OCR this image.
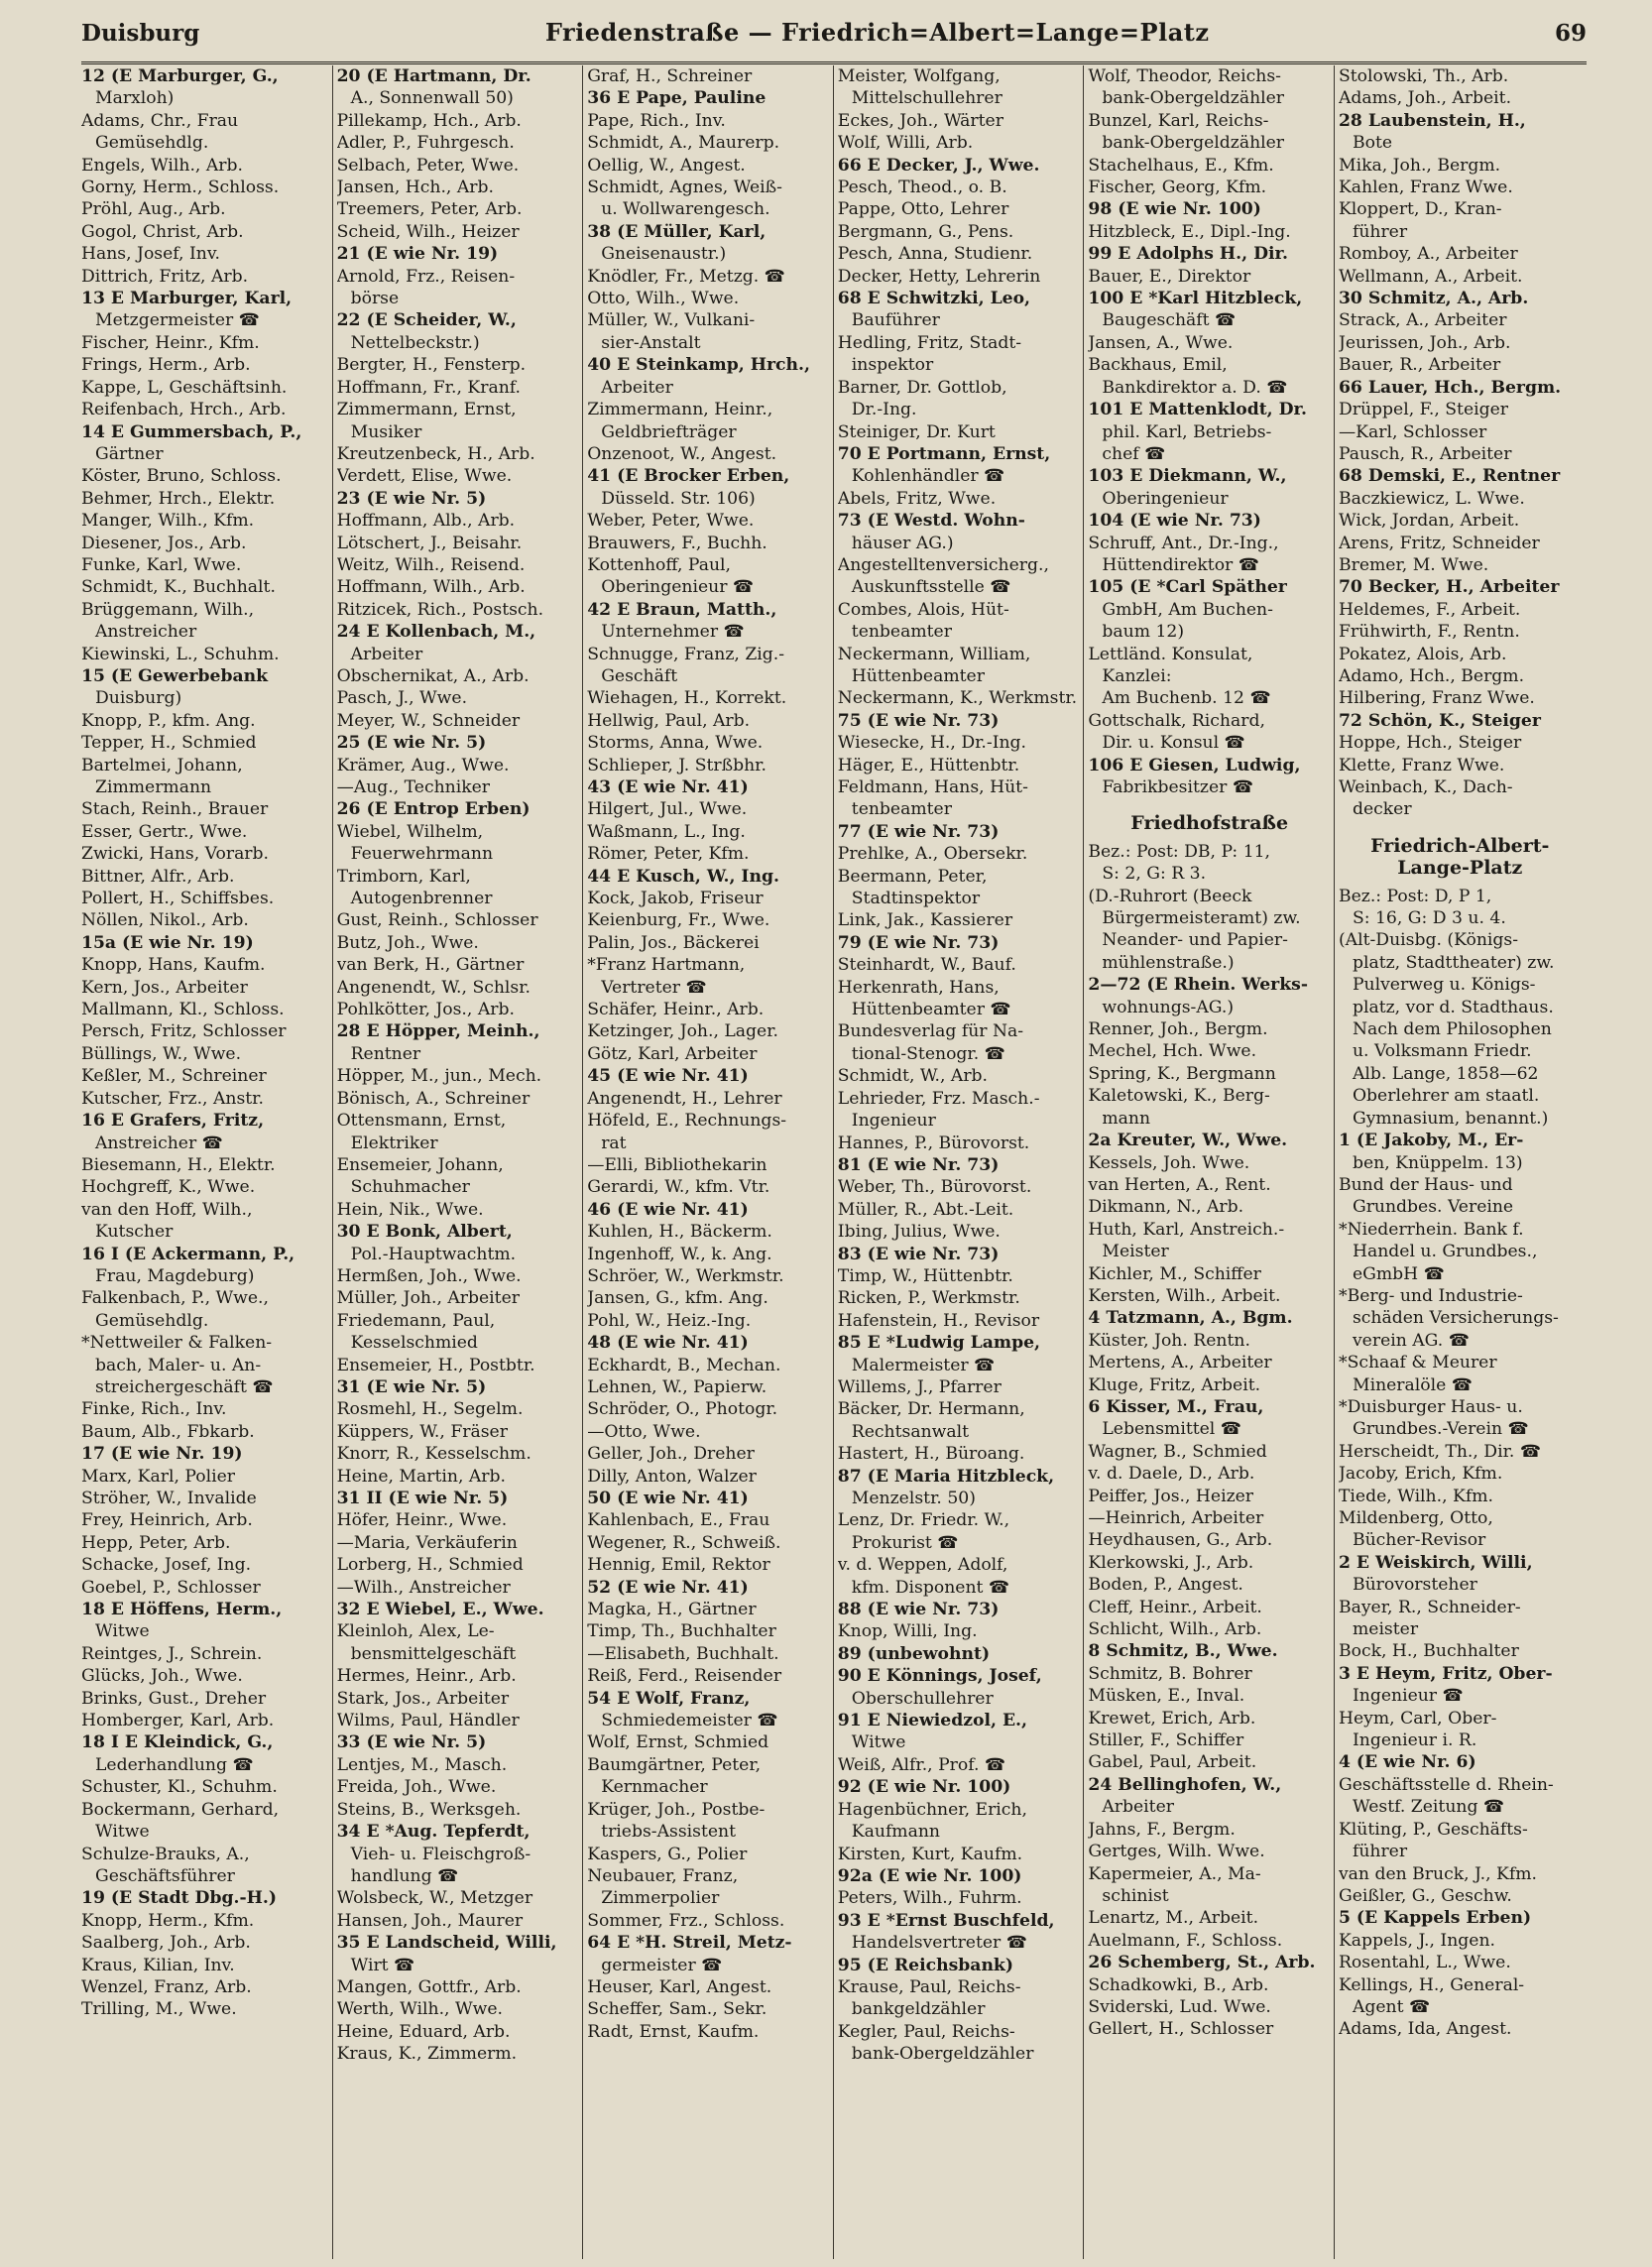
Duisburg	Friedenstraße — Friedrich=Albert=Lange=Platz	69
12 (E Marburger, G.,
Marxloh)
Adams, Chr., Frau
Gemüsehdlg.
Engels, Wilh., Arb.
Gorny, Herm., Schloss.
Pröhl, Aug., Arb.
Gogol, Christ, Arb.
Hans, Josef, Inv.
Dittrich, Fritz, Arb.
13 E Marburger, Karl,
Metzgermeister ☎
Fischer, Heinr., Kfm.
Frings, Herm., Arb.
Kappe, L, Geschäftsinh.
Reifenbach, Hrch., Arb.
14 E Gummersbach, P.,
Gärtner
Köster, Bruno, Schloss.
Behmer, Hrch., Elektr.
Manger, Wilh., Kfm.
Diesener, Jos., Arb.
Funke, Karl, Wwe.
Schmidt, K., Buchhalt.
Brüggemann, Wilh.,
Anstreicher
Kiewinski, L., Schuhm.
15 (E Gewerbebank
Duisburg)
Knopp, P., kfm. Ang.
Tepper, H., Schmied
Bartelmei, Johann,
Zimmermann
Stach, Reinh., Brauer
Esser, Gertr., Wwe.
Zwicki, Hans, Vorarb.
Bittner, Alfr., Arb.
Pollert, H., Schiffsbes.
Nöllen, Nikol., Arb.
15a (E wie Nr. 19)
Knopp, Hans, Kaufm.
Kern, Jos., Arbeiter
Mallmann, Kl., Schloss.
Persch, Fritz, Schlosser
Büllings, W., Wwe.
Keßler, M., Schreiner
Kutscher, Frz., Anstr.
16 E Grafers, Fritz,
Anstreicher ☎
Biesemann, H., Elektr.
Hochgreff, K., Wwe.
van den Hoff, Wilh.,
Kutscher
16 I (E Ackermann, P.,
Frau, Magdeburg)
Falkenbach, P., Wwe.,
Gemüsehdlg.
*Nettweiler & Falken-
bach, Maler- u. An-
streichergeschäft ☎
Finke, Rich., Inv.
Baum, Alb., Fbkarb.
17 (E wie Nr. 19)
Marx, Karl, Polier
Ströher, W., Invalide
Frey, Heinrich, Arb.
Hepp, Peter, Arb.
Schacke, Josef, Ing.
Goebel, P., Schlosser
18 E Höffens, Herm.,
Witwe
Reintges, J., Schrein.
Glücks, Joh., Wwe.
Brinks, Gust., Dreher
Homberger, Karl, Arb.
18 I E Kleindick, G.,
Lederhandlung ☎
Schuster, Kl., Schuhm.
Bockermann, Gerhard,
Witwe
Schulze-Brauks, A.,
Geschäftsführer
19 (E Stadt Dbg.-H.)
Knopp, Herm., Kfm.
Saalberg, Joh., Arb.
Kraus, Kilian, Inv.
Wenzel, Franz, Arb.
Trilling, M., Wwe.
20 (E Hartmann, Dr.
A., Sonnenwall 50)
Pillekamp, Hch., Arb.
Adler, P., Fuhrgesch.
Selbach, Peter, Wwe.
Jansen, Hch., Arb.
Treemers, Peter, Arb.
Scheid, Wilh., Heizer
21 (E wie Nr. 19)
Arnold, Frz., Reisen-
börse
22 (E Scheider, W.,
Nettelbeckstr.)
Bergter, H., Fensterp.
Hoffmann, Fr., Kranf.
Zimmermann, Ernst,
Musiker
Kreutzenbeck, H., Arb.
Verdett, Elise, Wwe.
23 (E wie Nr. 5)
Hoffmann, Alb., Arb.
Lötschert, J., Beisahr.
Weitz, Wilh., Reisend.
Hoffmann, Wilh., Arb.
Ritzicek, Rich., Postsch.
24 E Kollenbach, M.,
Arbeiter
Obschernikat, A., Arb.
Pasch, J., Wwe.
Meyer, W., Schneider
25 (E wie Nr. 5)
Krämer, Aug., Wwe.
—Aug., Techniker
26 (E Entrop Erben)
Wiebel, Wilhelm,
Feuerwehrmann
Trimborn, Karl,
Autogenbrenner
Gust, Reinh., Schlosser
Butz, Joh., Wwe.
van Berk, H., Gärtner
Angenendt, W., Schlsr.
Pohlkötter, Jos., Arb.
28 E Höpper, Meinh.,
Rentner
Höpper, M., jun., Mech.
Bönisch, A., Schreiner
Ottensmann, Ernst,
Elektriker
Ensemeier, Johann,
Schuhmacher
Hein, Nik., Wwe.
30 E Bonk, Albert,
Pol.-Hauptwachtm.
Hermßen, Joh., Wwe.
Müller, Joh., Arbeiter
Friedemann, Paul,
Kesselschmied
Ensemeier, H., Postbtr.
31 (E wie Nr. 5)
Rosmehl, H., Segelm.
Küppers, W., Fräser
Knorr, R., Kesselschm.
Heine, Martin, Arb.
31 II (E wie Nr. 5)
Höfer, Heinr., Wwe.
—Maria, Verkäuferin
Lorberg, H., Schmied
—Wilh., Anstreicher
32 E Wiebel, E., Wwe.
Kleinloh, Alex, Le-
bensmittelgeschäft
Hermes, Heinr., Arb.
Stark, Jos., Arbeiter
Wilms, Paul, Händler
33 (E wie Nr. 5)
Lentjes, M., Masch.
Freida, Joh., Wwe.
Steins, B., Werksgeh.
34 E *Aug. Tepferdt,
Vieh- u. Fleischgroß-
handlung ☎
Wolsbeck, W., Metzger
Hansen, Joh., Maurer
35 E Landscheid, Willi,
Wirt ☎
Mangen, Gottfr., Arb.
Werth, Wilh., Wwe.
Heine, Eduard, Arb.
Kraus, K., Zimmerm.
Graf, H., Schreiner
36 E Pape, Pauline
Pape, Rich., Inv.
Schmidt, A., Maurerp.
Oellig, W., Angest.
Schmidt, Agnes, Weiß-
u. Wollwarengesch.
38 (E Müller, Karl,
Gneisenaustr.)
Knödler, Fr., Metzg. ☎
Otto, Wilh., Wwe.
Müller, W., Vulkani-
sier-Anstalt
40 E Steinkamp, Hrch.,
Arbeiter
Zimmermann, Heinr.,
Geldbriefträger
Onzenoot, W., Angest.
41 (E Brocker Erben,
Düsseld. Str. 106)
Weber, Peter, Wwe.
Brauwers, F., Buchh.
Kottenhoff, Paul,
Oberingenieur ☎
42 E Braun, Matth.,
Unternehmer ☎
Schnugge, Franz, Zig.-
Geschäft
Wiehagen, H., Korrekt.
Hellwig, Paul, Arb.
Storms, Anna, Wwe.
Schlieper, J. Strßbhr.
43 (E wie Nr. 41)
Hilgert, Jul., Wwe.
Waßmann, L., Ing.
Römer, Peter, Kfm.
44 E Kusch, W., Ing.
Kock, Jakob, Friseur
Keienburg, Fr., Wwe.
Palin, Jos., Bäckerei
*Franz Hartmann,
Vertreter ☎
Schäfer, Heinr., Arb.
Ketzinger, Joh., Lager.
Götz, Karl, Arbeiter
45 (E wie Nr. 41)
Angenendt, H., Lehrer
Höfeld, E., Rechnungs-
rat
—Elli, Bibliothekarin
Gerardi, W., kfm. Vtr.
46 (E wie Nr. 41)
Kuhlen, H., Bäckerm.
Ingenhoff, W., k. Ang.
Schröer, W., Werkmstr.
Jansen, G., kfm. Ang.
Pohl, W., Heiz.-Ing.
48 (E wie Nr. 41)
Eckhardt, B., Mechan.
Lehnen, W., Papierw.
Schröder, O., Photogr.
—Otto, Wwe.
Geller, Joh., Dreher
Dilly, Anton, Walzer
50 (E wie Nr. 41)
Kahlenbach, E., Frau
Wegener, R., Schweiß.
Hennig, Emil, Rektor
52 (E wie Nr. 41)
Magka, H., Gärtner
Timp, Th., Buchhalter
—Elisabeth, Buchhalt.
Reiß, Ferd., Reisender
54 E Wolf, Franz,
Schmiedemeister ☎
Wolf, Ernst, Schmied
Baumgärtner, Peter,
Kernmacher
Krüger, Joh., Postbe-
triebs-Assistent
Kaspers, G., Polier
Neubauer, Franz,
Zimmerpolier
Sommer, Frz., Schloss.
64 E *H. Streil, Metz-
germeister ☎
Heuser, Karl, Angest.
Scheffer, Sam., Sekr.
Radt, Ernst, Kaufm.
Meister, Wolfgang,
Mittelschullehrer
Eckes, Joh., Wärter
Wolf, Willi, Arb.
66 E Decker, J., Wwe.
Pesch, Theod., o. B.
Pappe, Otto, Lehrer
Bergmann, G., Pens.
Pesch, Anna, Studienr.
Decker, Hetty, Lehrerin
68 E Schwitzki, Leo,
Bauführer
Hedling, Fritz, Stadt-
inspektor
Barner, Dr. Gottlob,
Dr.-Ing.
Steiniger, Dr. Kurt
70 E Portmann, Ernst,
Kohlenhändler ☎
Abels, Fritz, Wwe.
73 (E Westd. Wohn-
häuser AG.)
Angestelltenversicherg.,
Auskunftsstelle ☎
Combes, Alois, Hüt-
tenbeamter
Neckermann, William,
Hüttenbeamter
Neckermann, K., Werkmstr.
75 (E wie Nr. 73)
Wiesecke, H., Dr.-Ing.
Häger, E., Hüttenbtr.
Feldmann, Hans, Hüt-
tenbeamter
77 (E wie Nr. 73)
Prehlke, A., Obersekr.
Beermann, Peter,
Stadtinspektor
Link, Jak., Kassierer
79 (E wie Nr. 73)
Steinhardt, W., Bauf.
Herkenrath, Hans,
Hüttenbeamter ☎
Bundesverlag für Na-
tional-Stenogr. ☎
Schmidt, W., Arb.
Lehrieder, Frz. Masch.-
Ingenieur
Hannes, P., Bürovorst.
81 (E wie Nr. 73)
Weber, Th., Bürovorst.
Müller, R., Abt.-Leit.
Ibing, Julius, Wwe.
83 (E wie Nr. 73)
Timp, W., Hüttenbtr.
Ricken, P., Werkmstr.
Hafenstein, H., Revisor
85 E *Ludwig Lampe,
Malermeister ☎
Willems, J., Pfarrer
Bäcker, Dr. Hermann,
Rechtsanwalt
Hastert, H., Büroang.
87 (E Maria Hitzbleck,
Menzelstr. 50)
Lenz, Dr. Friedr. W.,
Prokurist ☎
v. d. Weppen, Adolf,
kfm. Disponent ☎
88 (E wie Nr. 73)
Knop, Willi, Ing.
89 (unbewohnt)
90 E Könnings, Josef,
Oberschullehrer
91 E Niewiedzol, E.,
Witwe
Weiß, Alfr., Prof. ☎
92 (E wie Nr. 100)
Hagenbüchner, Erich,
Kaufmann
Kirsten, Kurt, Kaufm.
92a (E wie Nr. 100)
Peters, Wilh., Fuhrm.
93 E *Ernst Buschfeld,
Handelsvertreter ☎
95 (E Reichsbank)
Krause, Paul, Reichs-
bankgeldzähler
Kegler, Paul, Reichs-
bank-Obergeldzähler
Wolf, Theodor, Reichs-
bank-Obergeldzähler
Bunzel, Karl, Reichs-
bank-Obergeldzähler
Stachelhaus, E., Kfm.
Fischer, Georg, Kfm.
98 (E wie Nr. 100)
Hitzbleck, E., Dipl.-Ing.
99 E Adolphs H., Dir.
Bauer, E., Direktor
100 E *Karl Hitzbleck,
Baugeschäft ☎
Jansen, A., Wwe.
Backhaus, Emil,
Bankdirektor a. D. ☎
101 E Mattenklodt, Dr.
phil. Karl, Betriebs-
chef ☎
103 E Diekmann, W.,
Oberingenieur
104 (E wie Nr. 73)
Schruff, Ant., Dr.-Ing.,
Hüttendirektor ☎
105 (E *Carl Späther
GmbH, Am Buchen-
baum 12)
Lettländ. Konsulat,
Kanzlei:
Am Buchenb. 12 ☎
Gottschalk, Richard,
Dir. u. Konsul ☎
106 E Giesen, Ludwig,
Fabrikbesitzer ☎
Friedhofstraße
Bez.: Post: DB, P: 11,
S: 2, G: R 3.
(D.-Ruhrort (Beeck
Bürgermeisteramt) zw.
Neander- und Papier-
mühlenstraße.)
2—72 (E Rhein. Werks-
wohnungs-AG.)
Renner, Joh., Bergm.
Mechel, Hch. Wwe.
Spring, K., Bergmann
Kaletowski, K., Berg-
mann
2a Kreuter, W., Wwe.
Kessels, Joh. Wwe.
van Herten, A., Rent.
Dikmann, N., Arb.
Huth, Karl, Anstreich.-
Meister
Kichler, M., Schiffer
Kersten, Wilh., Arbeit.
4 Tatzmann, A., Bgm.
Küster, Joh. Rentn.
Mertens, A., Arbeiter
Kluge, Fritz, Arbeit.
6 Kisser, M., Frau,
Lebensmittel ☎
Wagner, B., Schmied
v. d. Daele, D., Arb.
Peiffer, Jos., Heizer
—Heinrich, Arbeiter
Heydhausen, G., Arb.
Klerkowski, J., Arb.
Boden, P., Angest.
Cleff, Heinr., Arbeit.
Schlicht, Wilh., Arb.
8 Schmitz, B., Wwe.
Schmitz, B. Bohrer
Müsken, E., Inval.
Krewet, Erich, Arb.
Stiller, F., Schiffer
Gabel, Paul, Arbeit.
24 Bellinghofen, W.,
Arbeiter
Jahns, F., Bergm.
Gertges, Wilh. Wwe.
Kapermeier, A., Ma-
schinist
Lenartz, M., Arbeit.
Auelmann, F., Schloss.
26 Schemberg, St., Arb.
Schadkowki, B., Arb.
Sviderski, Lud. Wwe.
Gellert, H., Schlosser
Stolowski, Th., Arb.
Adams, Joh., Arbeit.
28 Laubenstein, H.,
Bote
Mika, Joh., Bergm.
Kahlen, Franz Wwe.
Kloppert, D., Kran-
führer
Romboy, A., Arbeiter
Wellmann, A., Arbeit.
30 Schmitz, A., Arb.
Strack, A., Arbeiter
Jeurissen, Joh., Arb.
Bauer, R., Arbeiter
66 Lauer, Hch., Bergm.
Drüppel, F., Steiger
—Karl, Schlosser
Pausch, R., Arbeiter
68 Demski, E., Rentner
Baczkiewicz, L. Wwe.
Wick, Jordan, Arbeit.
Arens, Fritz, Schneider
Bremer, M. Wwe.
70 Becker, H., Arbeiter
Heldemes, F., Arbeit.
Frühwirth, F., Rentn.
Pokatez, Alois, Arb.
Adamo, Hch., Bergm.
Hilbering, Franz Wwe.
72 Schön, K., Steiger
Hoppe, Hch., Steiger
Klette, Franz Wwe.
Weinbach, K., Dach-
decker
Friedrich-Albert-Lange-Platz
Bez.: Post: D, P 1,
S: 16, G: D 3 u. 4.
(Alt-Duisbg. (Königs-
platz, Stadttheater) zw.
Pulverweg u. Königs-
platz, vor d. Stadthaus.
Nach dem Philosophen
u. Volksmann Friedr.
Alb. Lange, 1858—62
Oberlehrer am staatl.
Gymnasium, benannt.)
1 (E Jakoby, M., Er-
ben, Knüppelm. 13)
Bund der Haus- und
Grundbes. Vereine
*Niederrhein. Bank f.
Handel u. Grundbes.,
eGmbH ☎
*Berg- und Industrie-
schäden Versicherungs-
verein AG. ☎
*Schaaf & Meurer
Mineralöle ☎
*Duisburger Haus- u.
Grundbes.-Verein ☎
Herscheidt, Th., Dir. ☎
Jacoby, Erich, Kfm.
Tiede, Wilh., Kfm.
Mildenberg, Otto,
Bücher-Revisor
2 E Weiskirch, Willi,
Bürovorsteher
Bayer, R., Schneider-
meister
Bock, H., Buchhalter
3 E Heym, Fritz, Ober-
Ingenieur ☎
Heym, Carl, Ober-
Ingenieur i. R.
4 (E wie Nr. 6)
Geschäftsstelle d. Rhein-
Westf. Zeitung ☎
Klüting, P., Geschäfts-
führer
van den Bruck, J., Kfm.
Geißler, G., Geschw.
5 (E Kappels Erben)
Kappels, J., Ingen.
Rosentahl, L., Wwe.
Kellings, H., General-
Agent ☎
Adams, Ida, Angest.
